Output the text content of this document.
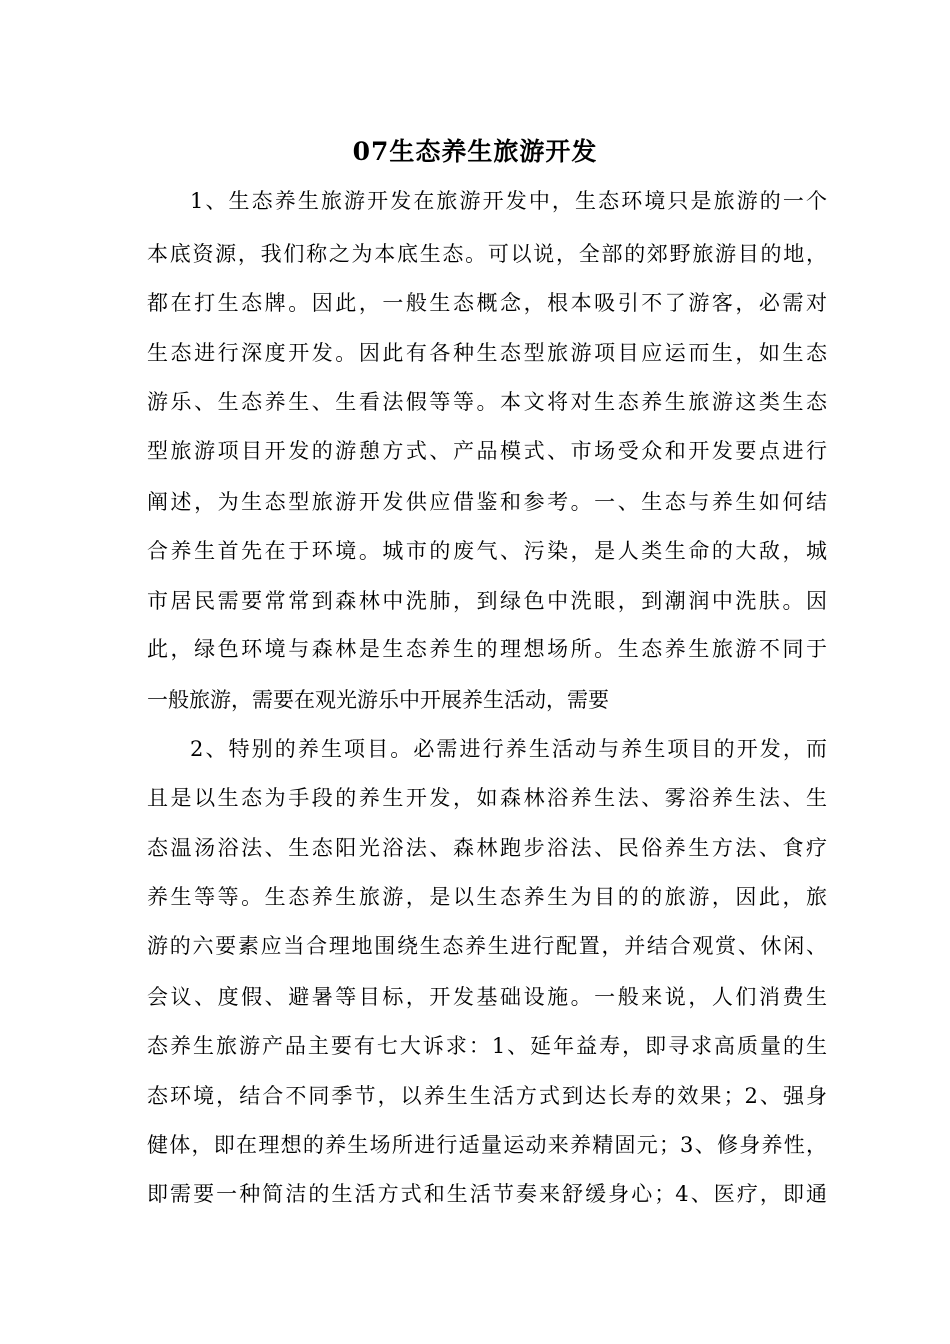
07生态养生旅游开发
1、生态养生旅游开发在旅游开发中，生态环境只是旅游的一个
本底资源，我们称之为本底生态。可以说，全部的郊野旅游目的地，
都在打生态牌。因此，一般生态概念，根本吸引不了游客，必需对
生态进行深度开发。因此有各种生态型旅游项目应运而生，如生态
游乐、生态养生、生看法假等等。本文将对生态养生旅游这类生态
型旅游项目开发的游憩方式、产品模式、市场受众和开发要点进行
阐述，为生态型旅游开发供应借鉴和参考。一、生态与养生如何结
合养生首先在于环境。城市的废气、污染，是人类生命的大敌，城
市居民需要常常到森林中洗肺，到绿色中洗眼，到潮润中洗肤。因
此，绿色环境与森林是生态养生的理想场所。生态养生旅游不同于
一般旅游，需要在观光游乐中开展养生活动，需要
2、特别的养生项目。必需进行养生活动与养生项目的开发，而
且是以生态为手段的养生开发，如森林浴养生法、雾浴养生法、生
态温汤浴法、生态阳光浴法、森林跑步浴法、民俗养生方法、食疗
养生等等。生态养生旅游，是以生态养生为目的的旅游，因此，旅
游的六要素应当合理地围绕生态养生进行配置，并结合观赏、休闲、
会议、度假、避暑等目标，开发基础设施。一般来说，人们消费生
态养生旅游产品主要有七大诉求：1、延年益寿，即寻求高质量的生
态环境，结合不同季节，以养生生活方式到达长寿的效果；2、强身
健体，即在理想的养生场所进行适量运动来养精固元；3、修身养性，
即需要一种简洁的生活方式和生活节奏来舒缓身心；4、医疗，即通
